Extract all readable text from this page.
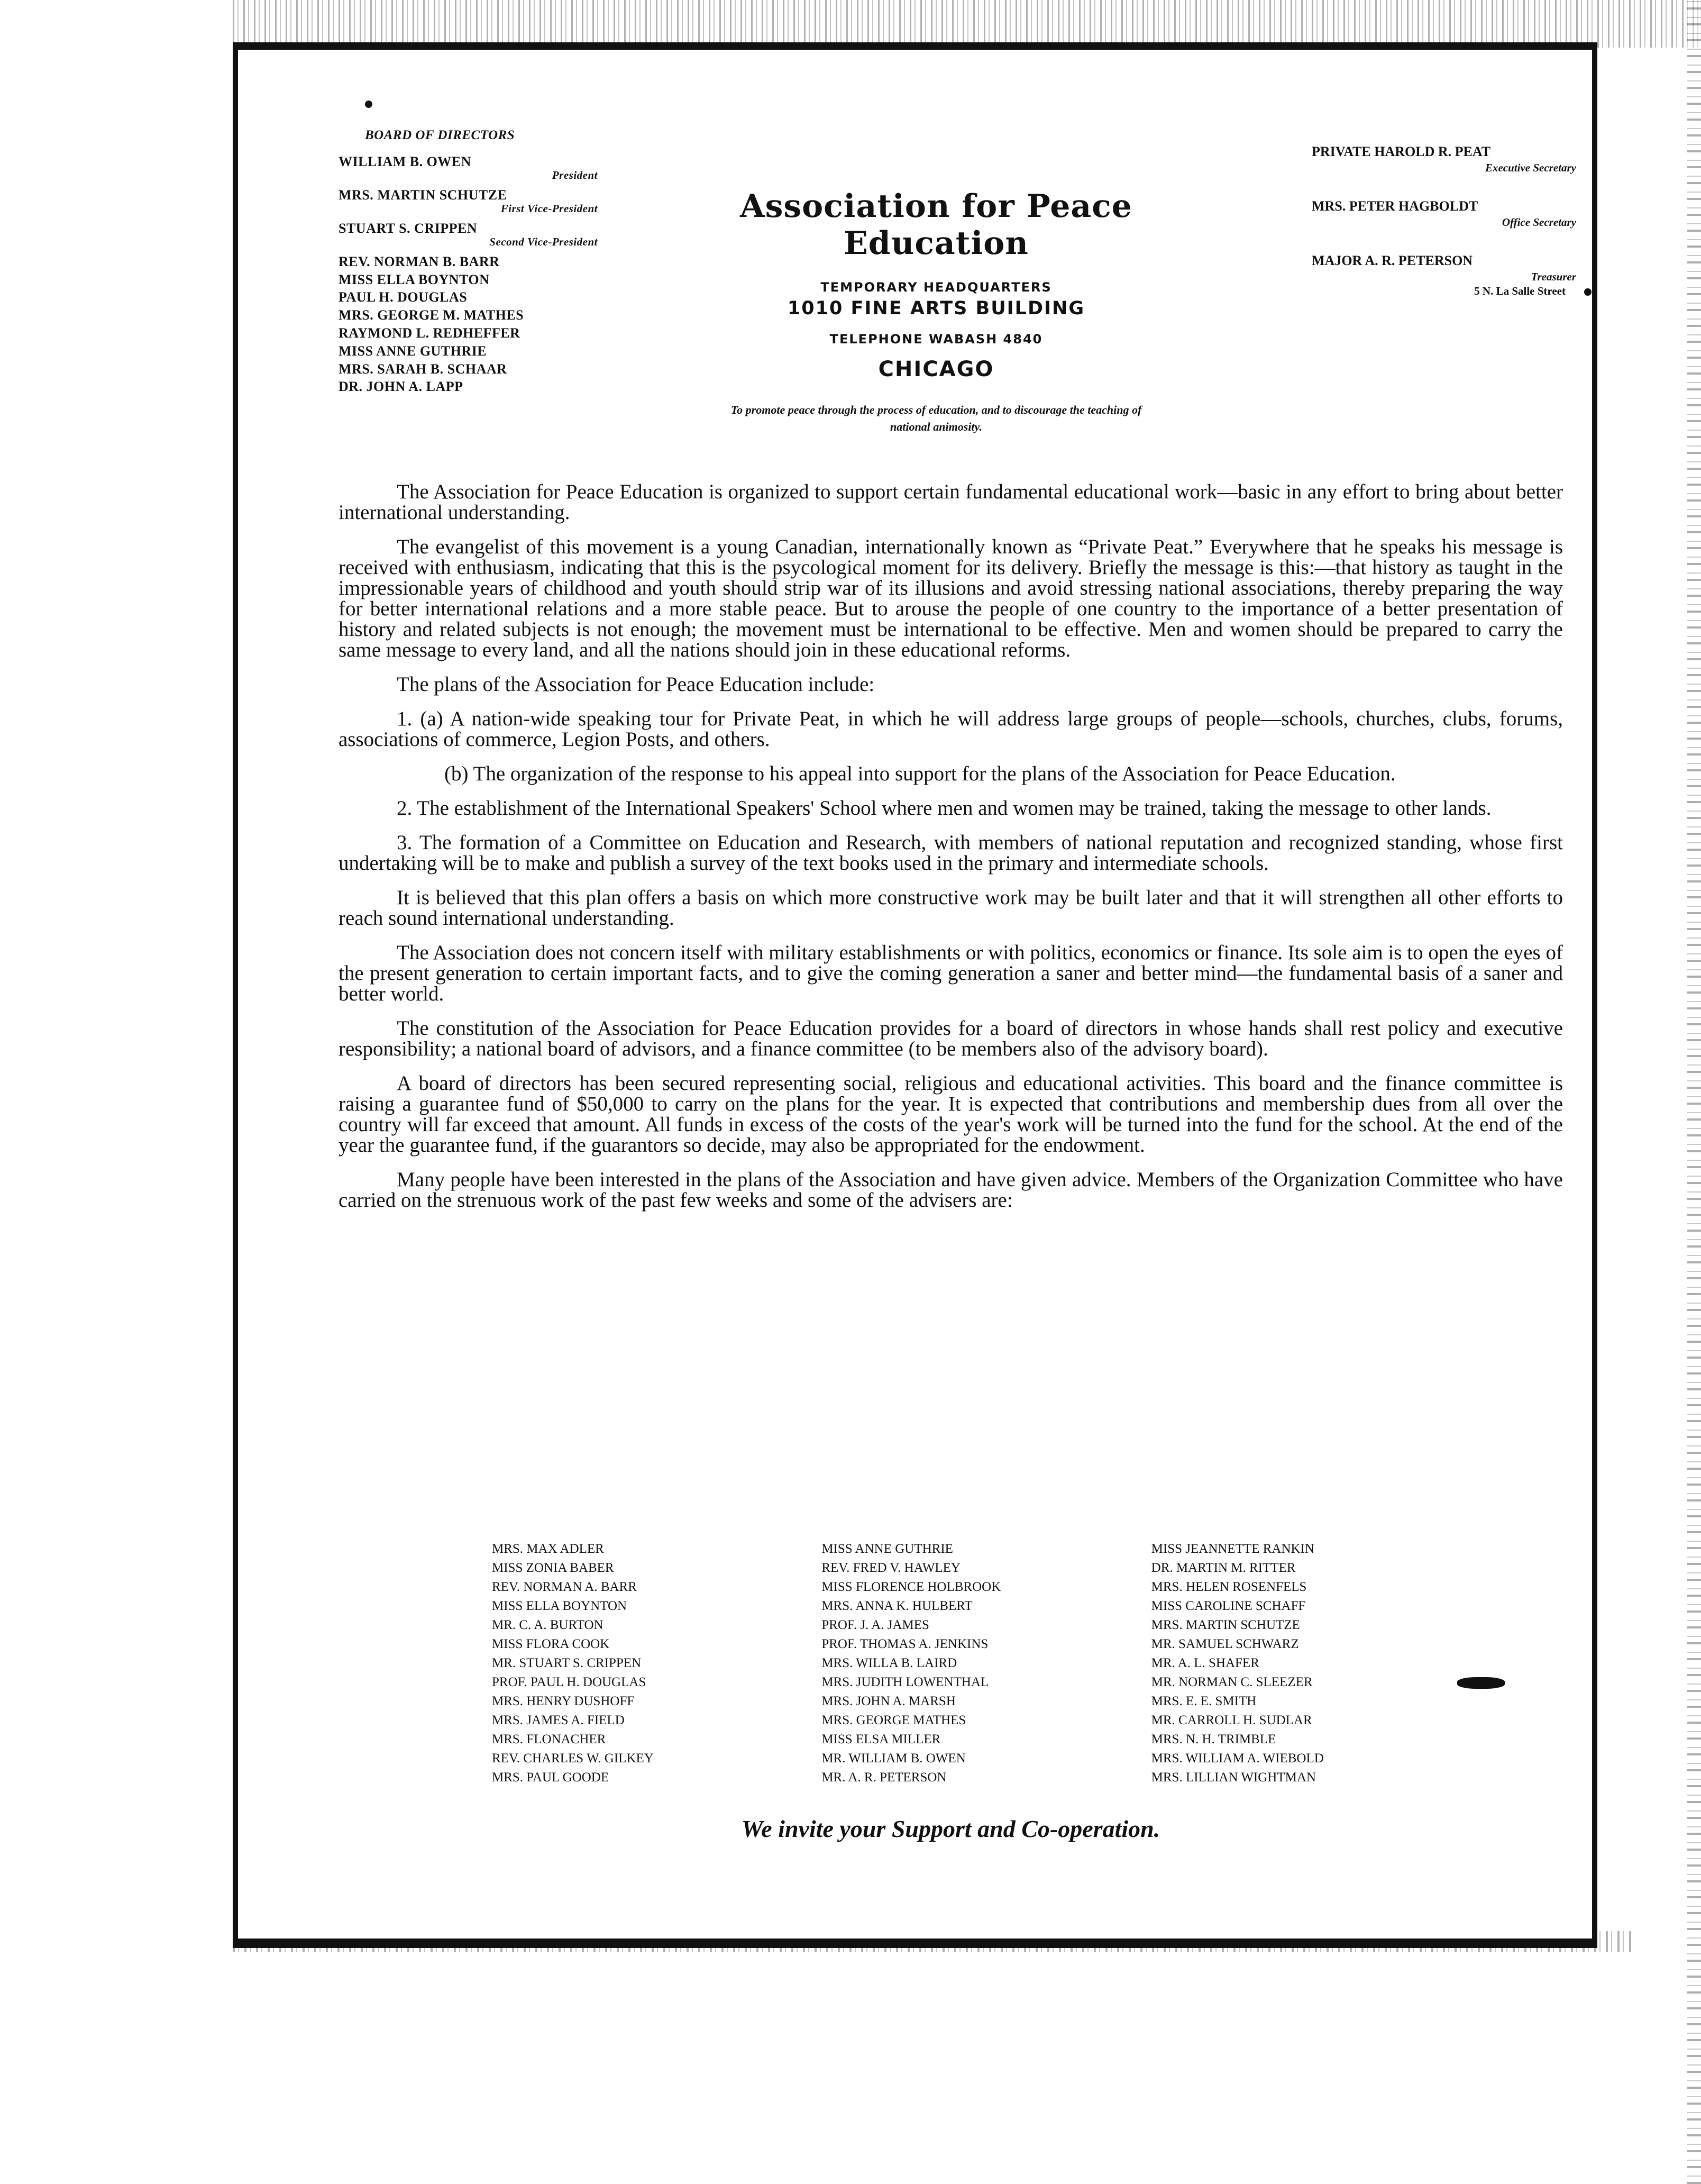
BOARD OF DIRECTORS
WILLIAM B. OWEN
President
MRS. MARTIN SCHUTZE
First Vice-President
STUART S. CRIPPEN
Second Vice-President
REV. NORMAN B. BARR
MISS ELLA BOYNTON
PAUL H. DOUGLAS
MRS. GEORGE M. MATHES
RAYMOND L. REDHEFFER
MISS ANNE GUTHRIE
MRS. SARAH B. SCHAAR
DR. JOHN A. LAPP
Association for Peace Education
TEMPORARY HEADQUARTERS
1010 FINE ARTS BUILDING
TELEPHONE WABASH 4840
CHICAGO
To promote peace through the process of education, and to discourage the teaching of national animosity.
PRIVATE HAROLD R. PEAT
Executive Secretary
MRS. PETER HAGBOLDT
Office Secretary
MAJOR A. R. PETERSON
Treasurer
5 N. La Salle Street

The Association for Peace Education is organized to support certain fundamental educational work—basic in any effort to bring about better international understanding.

The evangelist of this movement is a young Canadian, internationally known as “Private Peat.” Everywhere that he speaks his message is received with enthusiasm, indicating that this is the psycological moment for its delivery. Briefly the message is this:—that history as taught in the impressionable years of childhood and youth should strip war of its illusions and avoid stressing national associations, thereby preparing the way for better international relations and a more stable peace. But to arouse the people of one country to the importance of a better presentation of history and related subjects is not enough; the movement must be international to be effective. Men and women should be prepared to carry the same message to every land, and all the nations should join in these educational reforms.

The plans of the Association for Peace Education include:

1. (a) A nation-wide speaking tour for Private Peat, in which he will address large groups of people—schools, churches, clubs, forums, associations of commerce, Legion Posts, and others.

(b) The organization of the response to his appeal into support for the plans of the Association for Peace Education.

2. The establishment of the International Speakers' School where men and women may be trained, taking the message to other lands.

3. The formation of a Committee on Education and Research, with members of national reputation and recognized standing, whose first undertaking will be to make and publish a survey of the text books used in the primary and intermediate schools.

It is believed that this plan offers a basis on which more constructive work may be built later and that it will strengthen all other efforts to reach sound international understanding.

The Association does not concern itself with military establishments or with politics, economics or finance. Its sole aim is to open the eyes of the present generation to certain important facts, and to give the coming generation a saner and better mind—the fundamental basis of a saner and better world.

The constitution of the Association for Peace Education provides for a board of directors in whose hands shall rest policy and executive responsibility; a national board of advisors, and a finance committee (to be members also of the advisory board).

A board of directors has been secured representing social, religious and educational activities. This board and the finance committee is raising a guarantee fund of $50,000 to carry on the plans for the year. It is expected that contributions and membership dues from all over the country will far exceed that amount. All funds in excess of the costs of the year's work will be turned into the fund for the school. At the end of the year the guarantee fund, if the guarantors so decide, may also be appropriated for the endowment.

Many people have been interested in the plans of the Association and have given advice. Members of the Organization Committee who have carried on the strenuous work of the past few weeks and some of the advisers are:

MRS. MAX ADLER
MISS ZONIA BABER
REV. NORMAN A. BARR
MISS ELLA BOYNTON
MR. C. A. BURTON
MISS FLORA COOK
MR. STUART S. CRIPPEN
PROF. PAUL H. DOUGLAS
MRS. HENRY DUSHOFF
MRS. JAMES A. FIELD
MRS. FLONACHER
REV. CHARLES W. GILKEY
MRS. PAUL GOODE
MISS ANNE GUTHRIE
REV. FRED V. HAWLEY
MISS FLORENCE HOLBROOK
MRS. ANNA K. HULBERT
PROF. J. A. JAMES
PROF. THOMAS A. JENKINS
MRS. WILLA B. LAIRD
MRS. JUDITH LOWENTHAL
MRS. JOHN A. MARSH
MRS. GEORGE MATHES
MISS ELSA MILLER
MR. WILLIAM B. OWEN
MR. A. R. PETERSON
MISS JEANNETTE RANKIN
DR. MARTIN M. RITTER
MRS. HELEN ROSENFELS
MISS CAROLINE SCHAFF
MRS. MARTIN SCHUTZE
MR. SAMUEL SCHWARZ
MR. A. L. SHAFER
MR. NORMAN C. SLEEZER
MRS. E. E. SMITH
MR. CARROLL H. SUDLAR
MRS. N. H. TRIMBLE
MRS. WILLIAM A. WIEBOLD
MRS. LILLIAN WIGHTMAN
We invite your Support and Co-operation.
